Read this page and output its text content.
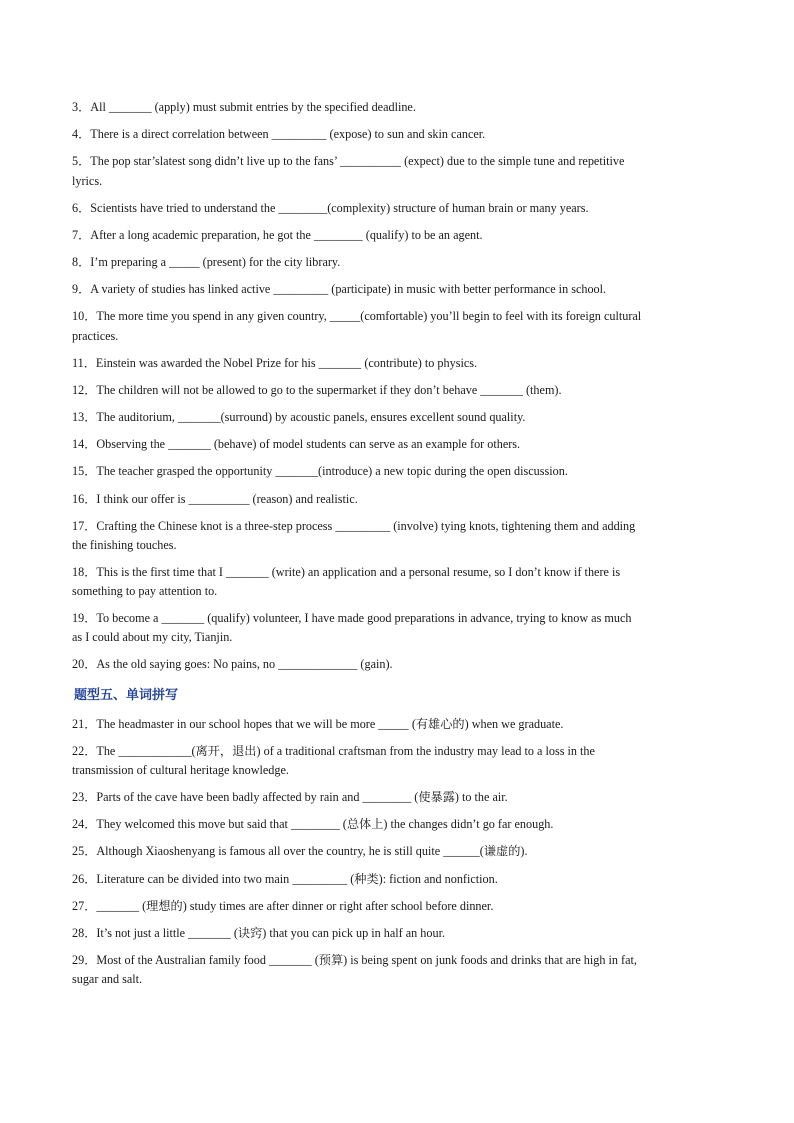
3．All _______ (apply) must submit entries by the specified deadline.
4．There is a direct correlation between _________ (expose) to sun and skin cancer.
5．The pop star’slatest song didn’t live up to the fans’ __________ (expect) due to the simple tune and repetitive
lyrics.
6．Scientists have tried to understand the ________(complexity) structure of human brain or many years.
7．After a long academic preparation, he got the ________ (qualify) to be an agent.
8．I’m preparing a _____ (present) for the city library.
9．A variety of studies has linked active _________ (participate) in music with better performance in school.
10．The more time you spend in any given country, _____(comfortable) you’ll begin to feel with its foreign cultural
practices.
11．Einstein was awarded the Nobel Prize for his _______ (contribute) to physics.
12．The children will not be allowed to go to the supermarket if they don’t behave _______ (them).
13．The auditorium, _______(surround) by acoustic panels, ensures excellent sound quality.
14．Observing the _______ (behave) of model students can serve as an example for others.
15．The teacher grasped the opportunity _______(introduce) a new topic during the open discussion.
16．I think our offer is __________ (reason) and realistic.
17．Crafting the Chinese knot is a three-step process _________ (involve) tying knots, tightening them and adding
the finishing touches.
18．This is the first time that I _______ (write) an application and a personal resume, so I don’t know if there is
something to pay attention to.
19．To become a _______ (qualify) volunteer, I have made good preparations in advance, trying to know as much
as I could about my city, Tianjin.
20．As the old saying goes: No pains, no _____________ (gain).
题型五、单词拼写
21．The headmaster in our school hopes that we will be more _____ (有雄心的) when we graduate.
22．The ____________(离开，退出) of a traditional craftsman from the industry may lead to a loss in the
transmission of cultural heritage knowledge.
23．Parts of the cave have been badly affected by rain and ________ (使暴露) to the air.
24．They welcomed this move but said that ________ (总体上) the changes didn’t go far enough.
25．Although Xiaoshenyang is famous all over the country, he is still quite ______(谦虚的).
26．Literature can be divided into two main _________ (种类): fiction and nonfiction.
27．_______ (理想的) study times are after dinner or right after school before dinner.
28．It’s not just a little _______ (诀窍) that you can pick up in half an hour.
29．Most of the Australian family food _______ (预算) is being spent on junk foods and drinks that are high in fat,
sugar and salt.
